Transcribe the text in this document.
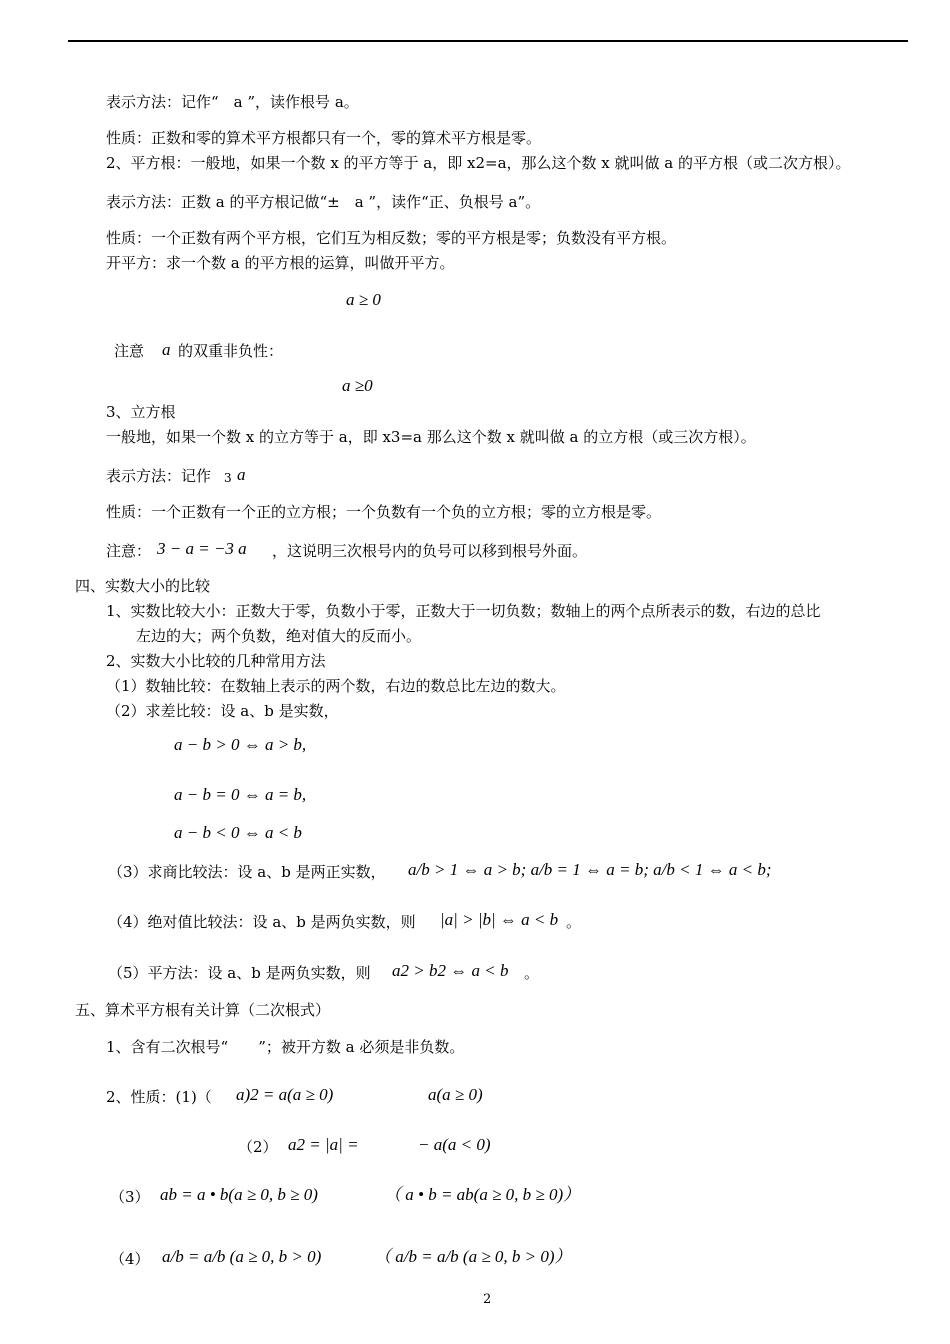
表示方法：记作“　a ”，读作根号 a。
性质：正数和零的算术平方根都只有一个，零的算术平方根是零。
2、平方根：一般地，如果一个数 x 的平方等于 a，即 x2=a，那么这个数 x 就叫做 a 的平方根（或二次方根）。
表示方法：正数 a 的平方根记做“±　a ”，读作“正、负根号 a”。
性质：一个正数有两个平方根，它们互为相反数；零的平方根是零；负数没有平方根。
开平方：求一个数 a 的平方根的运算，叫做开平方。
a ≥ 0
注意 a 的双重非负性：
a ≥0
3、立方根
一般地，如果一个数 x 的立方等于 a，即 x3=a 那么这个数 x 就叫做 a 的立方根（或三次方根）。
表示方法：记作 3 a
性质：一个正数有一个正的立方根；一个负数有一个负的立方根；零的立方根是零。
注意： 3 − a = −3 a ，这说明三次根号内的负号可以移到根号外面。
四、实数大小的比较
1、实数比较大小：正数大于零，负数小于零，正数大于一切负数；数轴上的两个点所表示的数，右边的总比
左边的大；两个负数，绝对值大的反而小。
2、实数大小比较的几种常用方法
（1）数轴比较：在数轴上表示的两个数，右边的数总比左边的数大。
（2）求差比较：设 a、b 是实数，
a − b > 0 ⇔ a > b,
a − b = 0 ⇔ a = b,
a − b < 0 ⇔ a < b
（3）求商比较法：设 a、b 是两正实数， a/b > 1 ⇔ a > b; a/b = 1 ⇔ a = b; a/b < 1 ⇔ a < b;
（4）绝对值比较法：设 a、b 是两负实数，则 |a| > |b| ⇔ a < b 。
（5）平方法：设 a、b 是两负实数，则 a2 > b2 ⇔ a < b 。
五、算术平方根有关计算（二次根式）
1、含有二次根号“　　”；被开方数 a 必须是非负数。
2、性质：(1)（ a)2 = a(a ≥ 0)	a(a ≥ 0)
（2） a2 = |a| =	− a(a < 0)
（3） ab = a • b(a ≥ 0, b ≥ 0)	（ a • b = ab(a ≥ 0, b ≥ 0)）
（4） a/b = a/b (a ≥ 0, b > 0)	（ a/b = a/b (a ≥ 0, b > 0)）
2
